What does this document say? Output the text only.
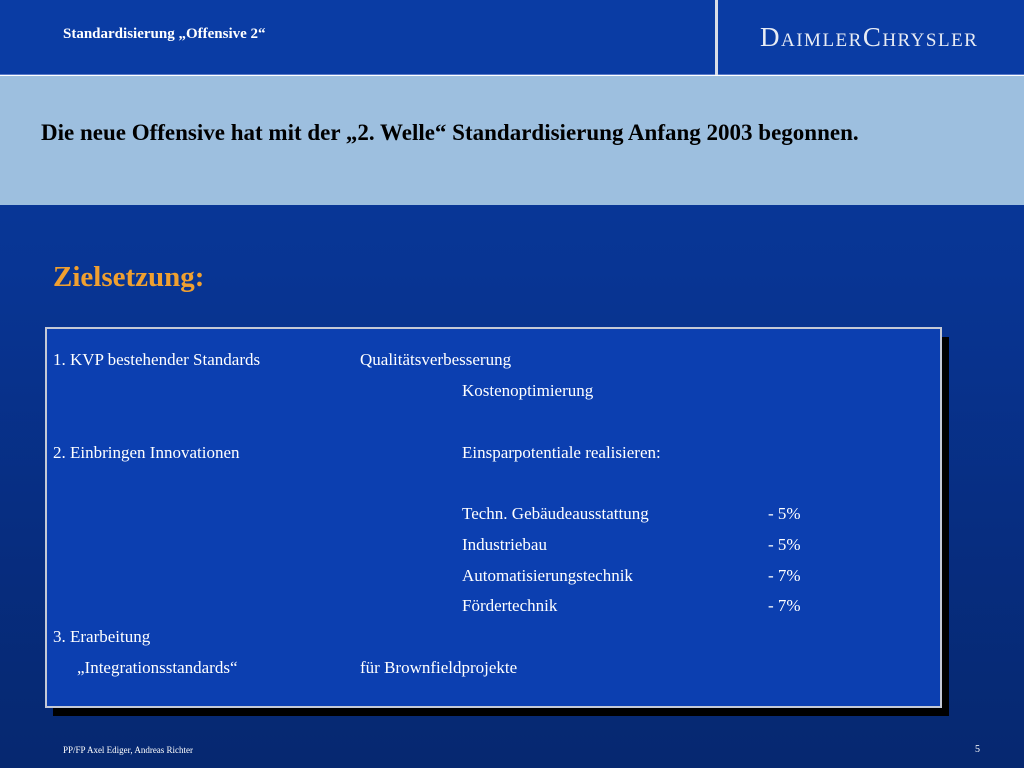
Standardisierung „Offensive 2“	DaimlerChrysler
Die neue Offensive hat mit der „2. Welle“ Standardisierung Anfang 2003 begonnen.
Zielsetzung:
1. KVP bestehender Standards	Qualitätsverbesserung
Kostenoptimierung
2. Einbringen Innovationen	Einsparpotentiale realisieren:
Techn. Gebäudeausstattung	- 5%
Industriebau	- 5%
Automatisierungstechnik	- 7%
Fördertechnik	- 7%
3. Erarbeitung
„Integrationsstandards“	für Brownfieldprojekte
PP/FP Axel Ediger, Andreas Richter	5
